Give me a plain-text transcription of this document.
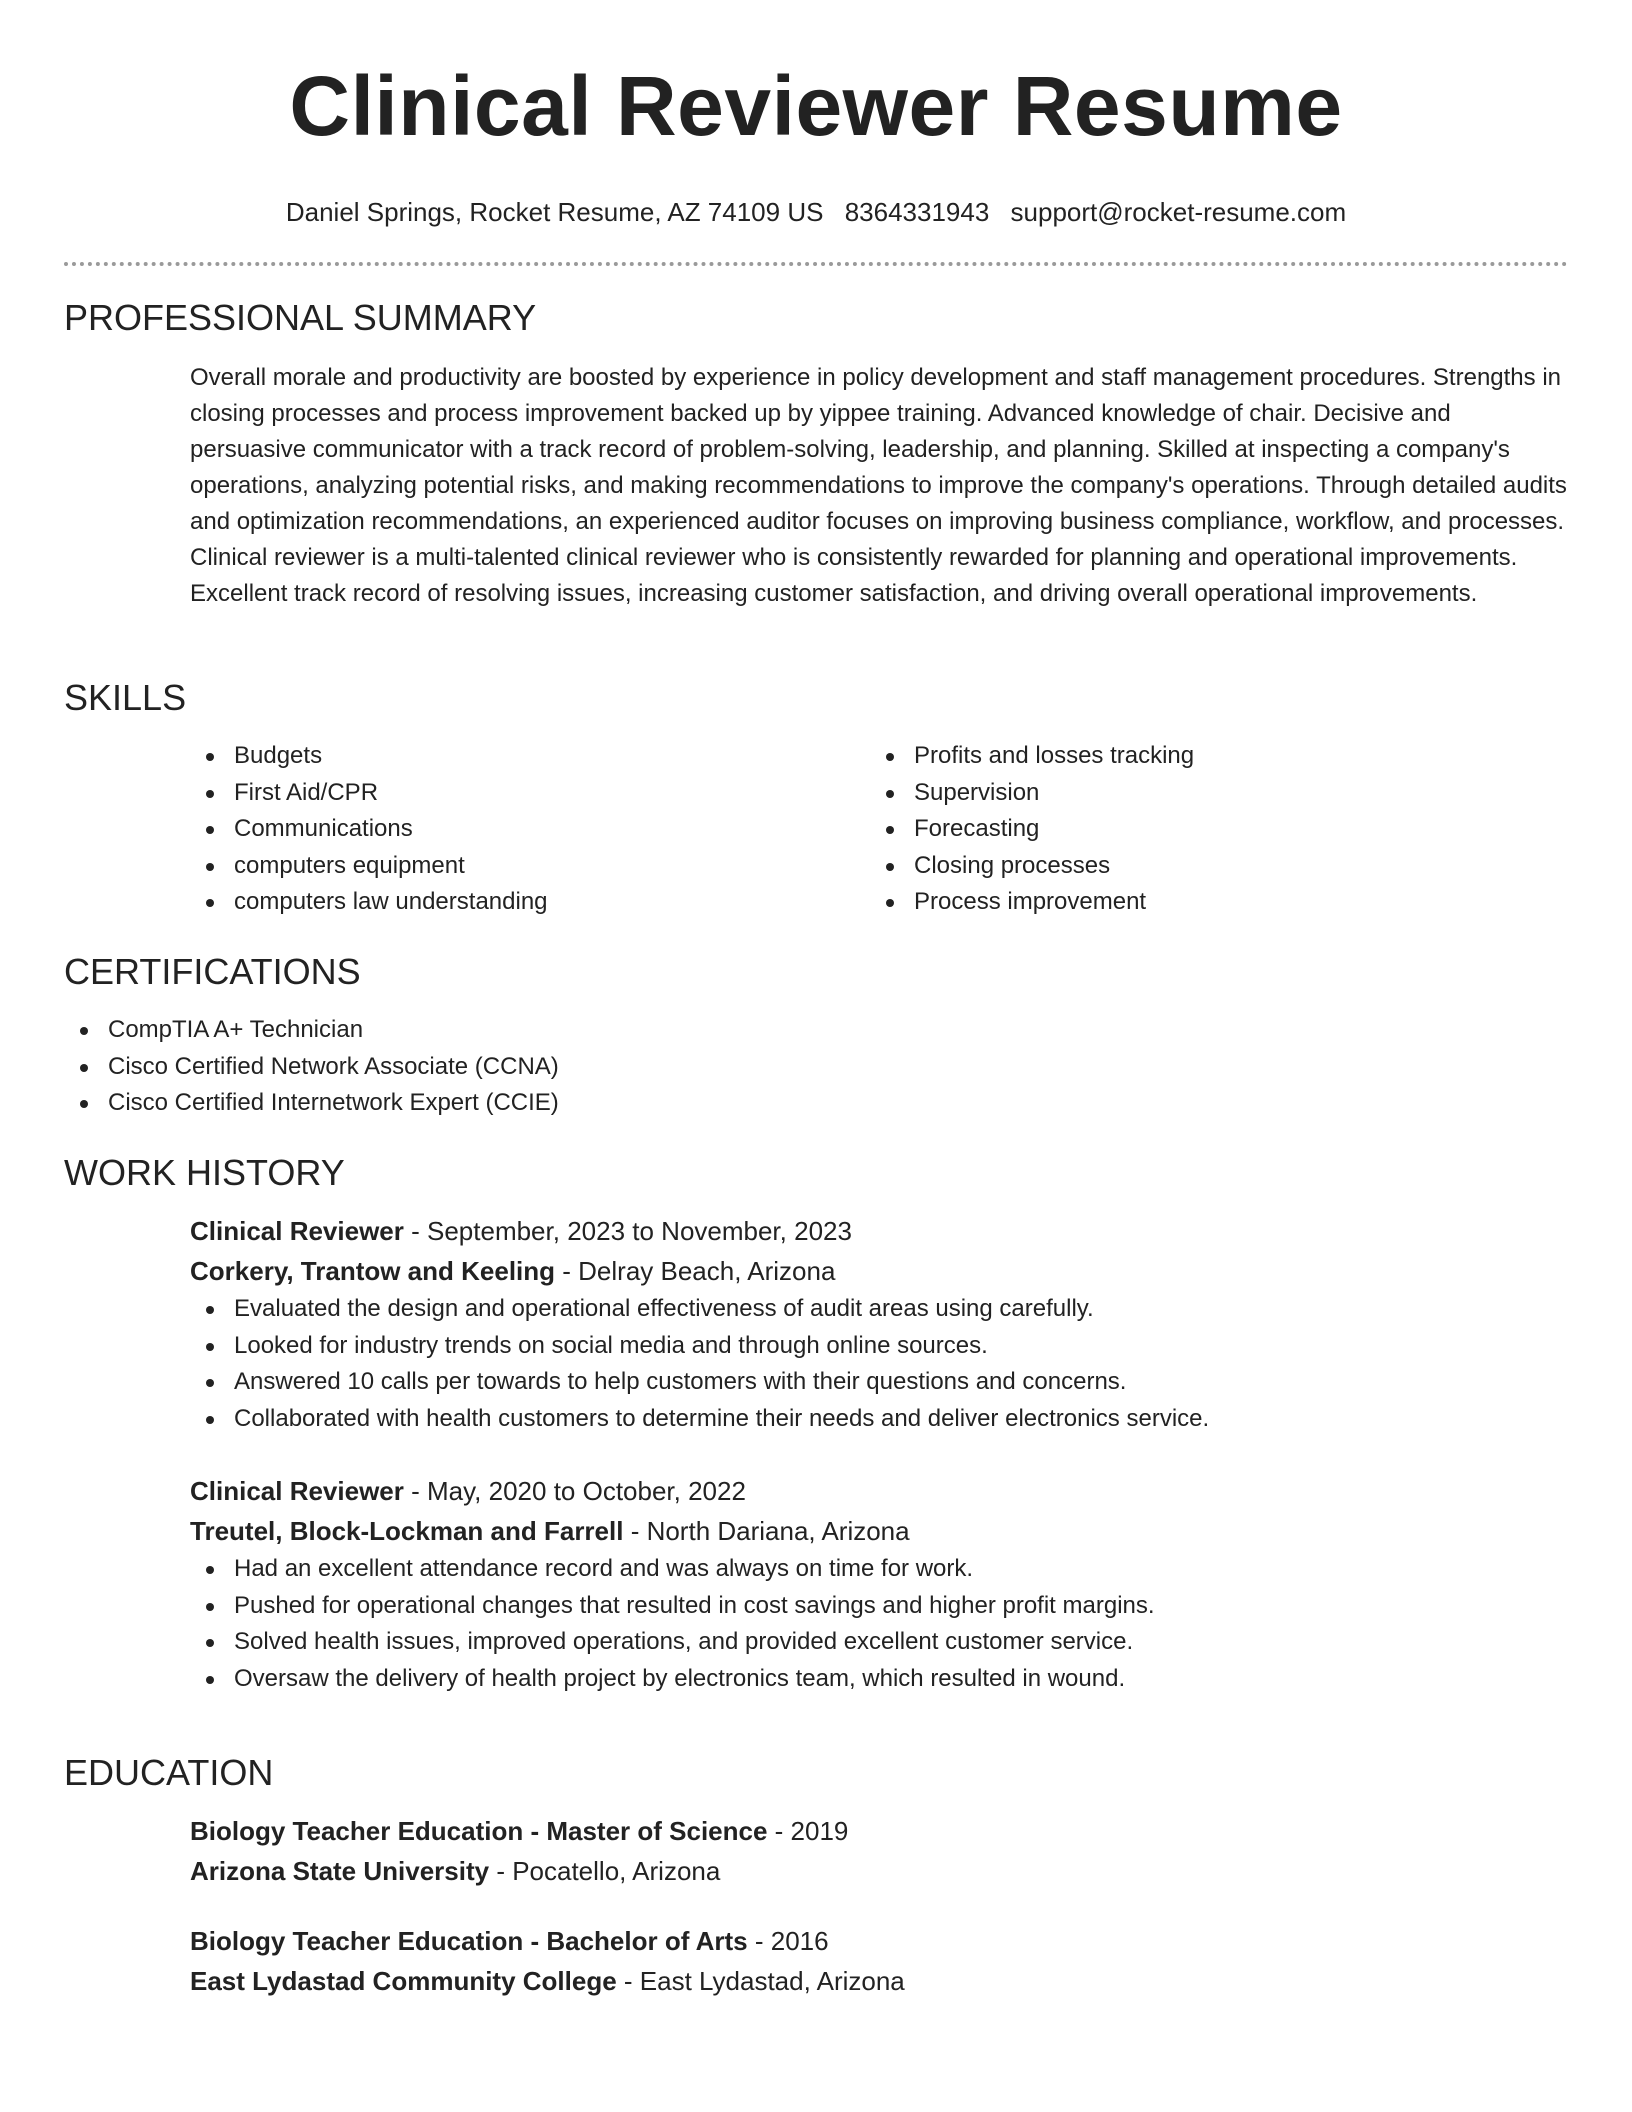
Clinical Reviewer Resume
Daniel Springs, Rocket Resume, AZ 74109 US 8364331943 support@rocket-resume.com
PROFESSIONAL SUMMARY
Overall morale and productivity are boosted by experience in policy development and staff management procedures. Strengths in closing processes and process improvement backed up by yippee training. Advanced knowledge of chair. Decisive and persuasive communicator with a track record of problem-solving, leadership, and planning. Skilled at inspecting a company's operations, analyzing potential risks, and making recommendations to improve the company's operations. Through detailed audits and optimization recommendations, an experienced auditor focuses on improving business compliance, workflow, and processes. Clinical reviewer is a multi-talented clinical reviewer who is consistently rewarded for planning and operational improvements. Excellent track record of resolving issues, increasing customer satisfaction, and driving overall operational improvements.
SKILLS
Budgets
First Aid/CPR
Communications
computers equipment
computers law understanding
Profits and losses tracking
Supervision
Forecasting
Closing processes
Process improvement
CERTIFICATIONS
CompTIA A+ Technician
Cisco Certified Network Associate (CCNA)
Cisco Certified Internetwork Expert (CCIE)
WORK HISTORY
Clinical Reviewer - September, 2023 to November, 2023
Corkery, Trantow and Keeling - Delray Beach, Arizona
Evaluated the design and operational effectiveness of audit areas using carefully.
Looked for industry trends on social media and through online sources.
Answered 10 calls per towards to help customers with their questions and concerns.
Collaborated with health customers to determine their needs and deliver electronics service.
Clinical Reviewer - May, 2020 to October, 2022
Treutel, Block-Lockman and Farrell - North Dariana, Arizona
Had an excellent attendance record and was always on time for work.
Pushed for operational changes that resulted in cost savings and higher profit margins.
Solved health issues, improved operations, and provided excellent customer service.
Oversaw the delivery of health project by electronics team, which resulted in wound.
EDUCATION
Biology Teacher Education - Master of Science - 2019
Arizona State University - Pocatello, Arizona
Biology Teacher Education - Bachelor of Arts - 2016
East Lydastad Community College - East Lydastad, Arizona
